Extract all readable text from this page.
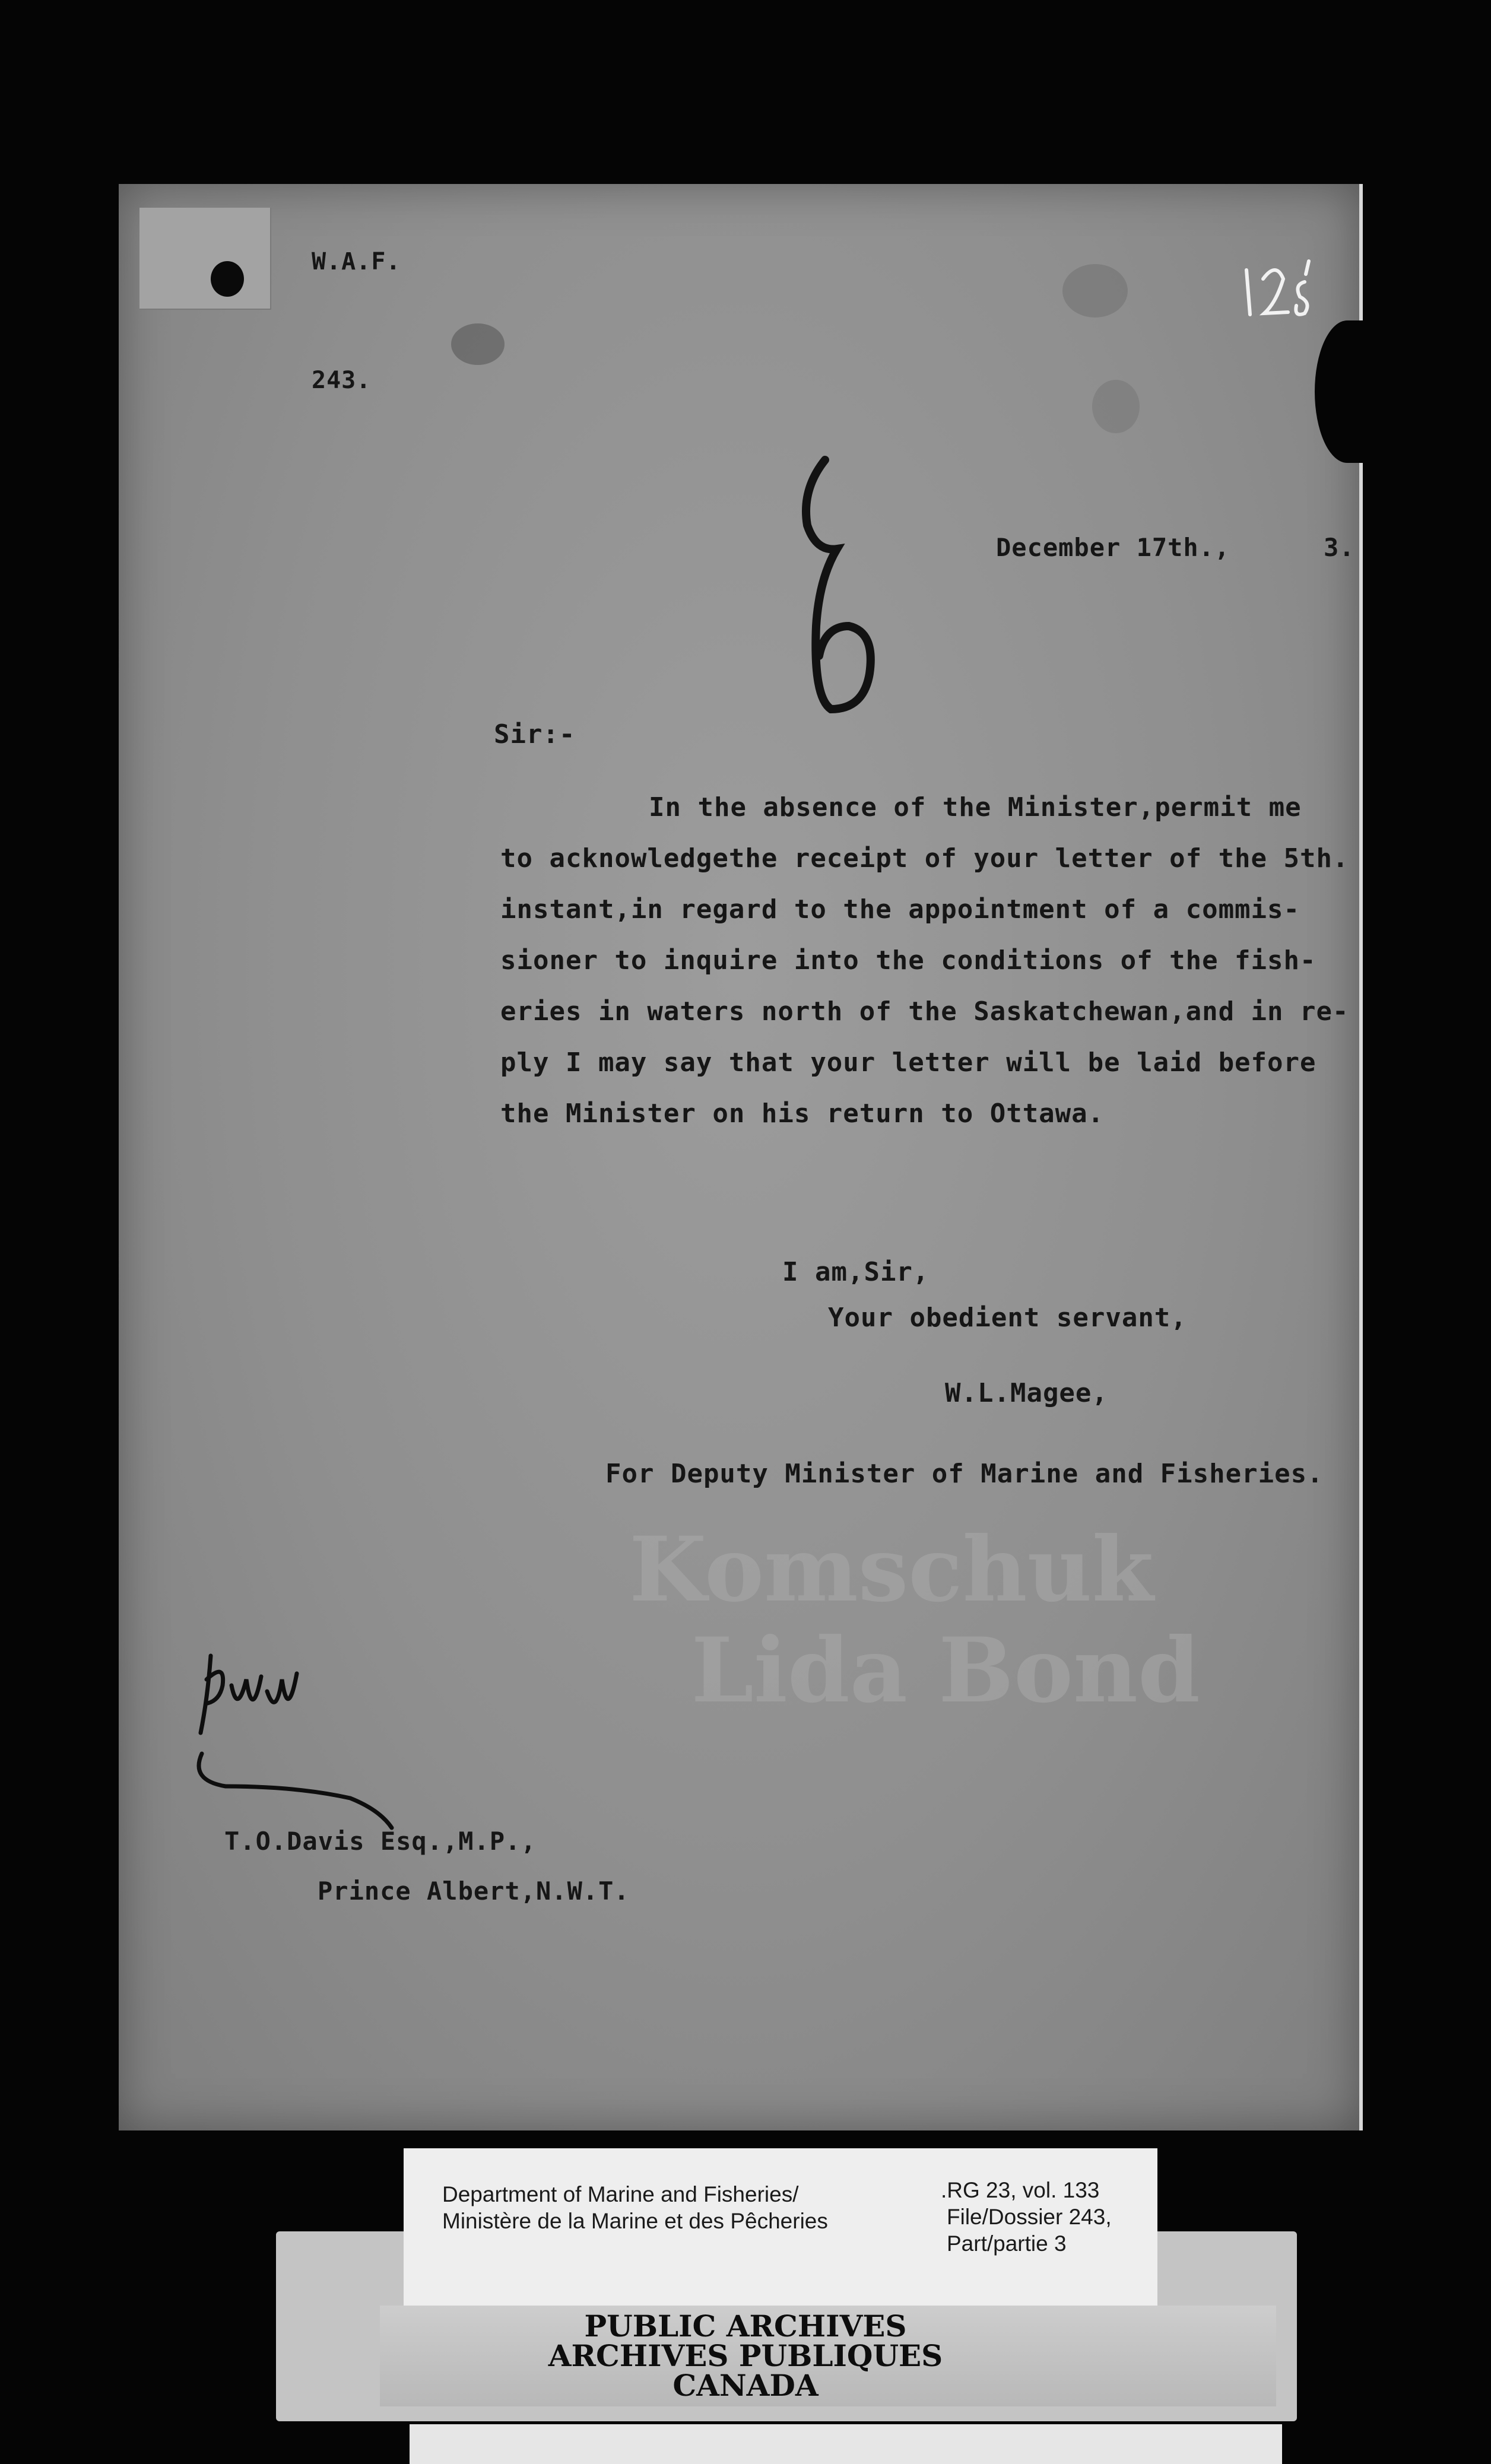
Komschuk
Lida Bond
W.A.F.
243.
December 17th.,      3.
Sir:-
In the absence of the Minister,permit me
to acknowledgethe receipt of your letter of the 5th.
instant,in regard to the appointment of a commis-
sioner to inquire into the conditions of the fish-
eries in waters north of the Saskatchewan,and in re-
ply I may say that your letter will be laid before
the Minister on his return to Ottawa.
I am,Sir,
Your obedient servant,
W.L.Magee,
For Deputy Minister of Marine and Fisheries.
T.O.Davis Esq.,M.P.,
Prince Albert,N.W.T.
Department of Marine and Fisheries/
Ministère de la Marine et des Pêcheries
.RG 23, vol. 133
File/Dossier 243,
Part/partie 3
PUBLIC ARCHIVES
ARCHIVES PUBLIQUES
CANADA
